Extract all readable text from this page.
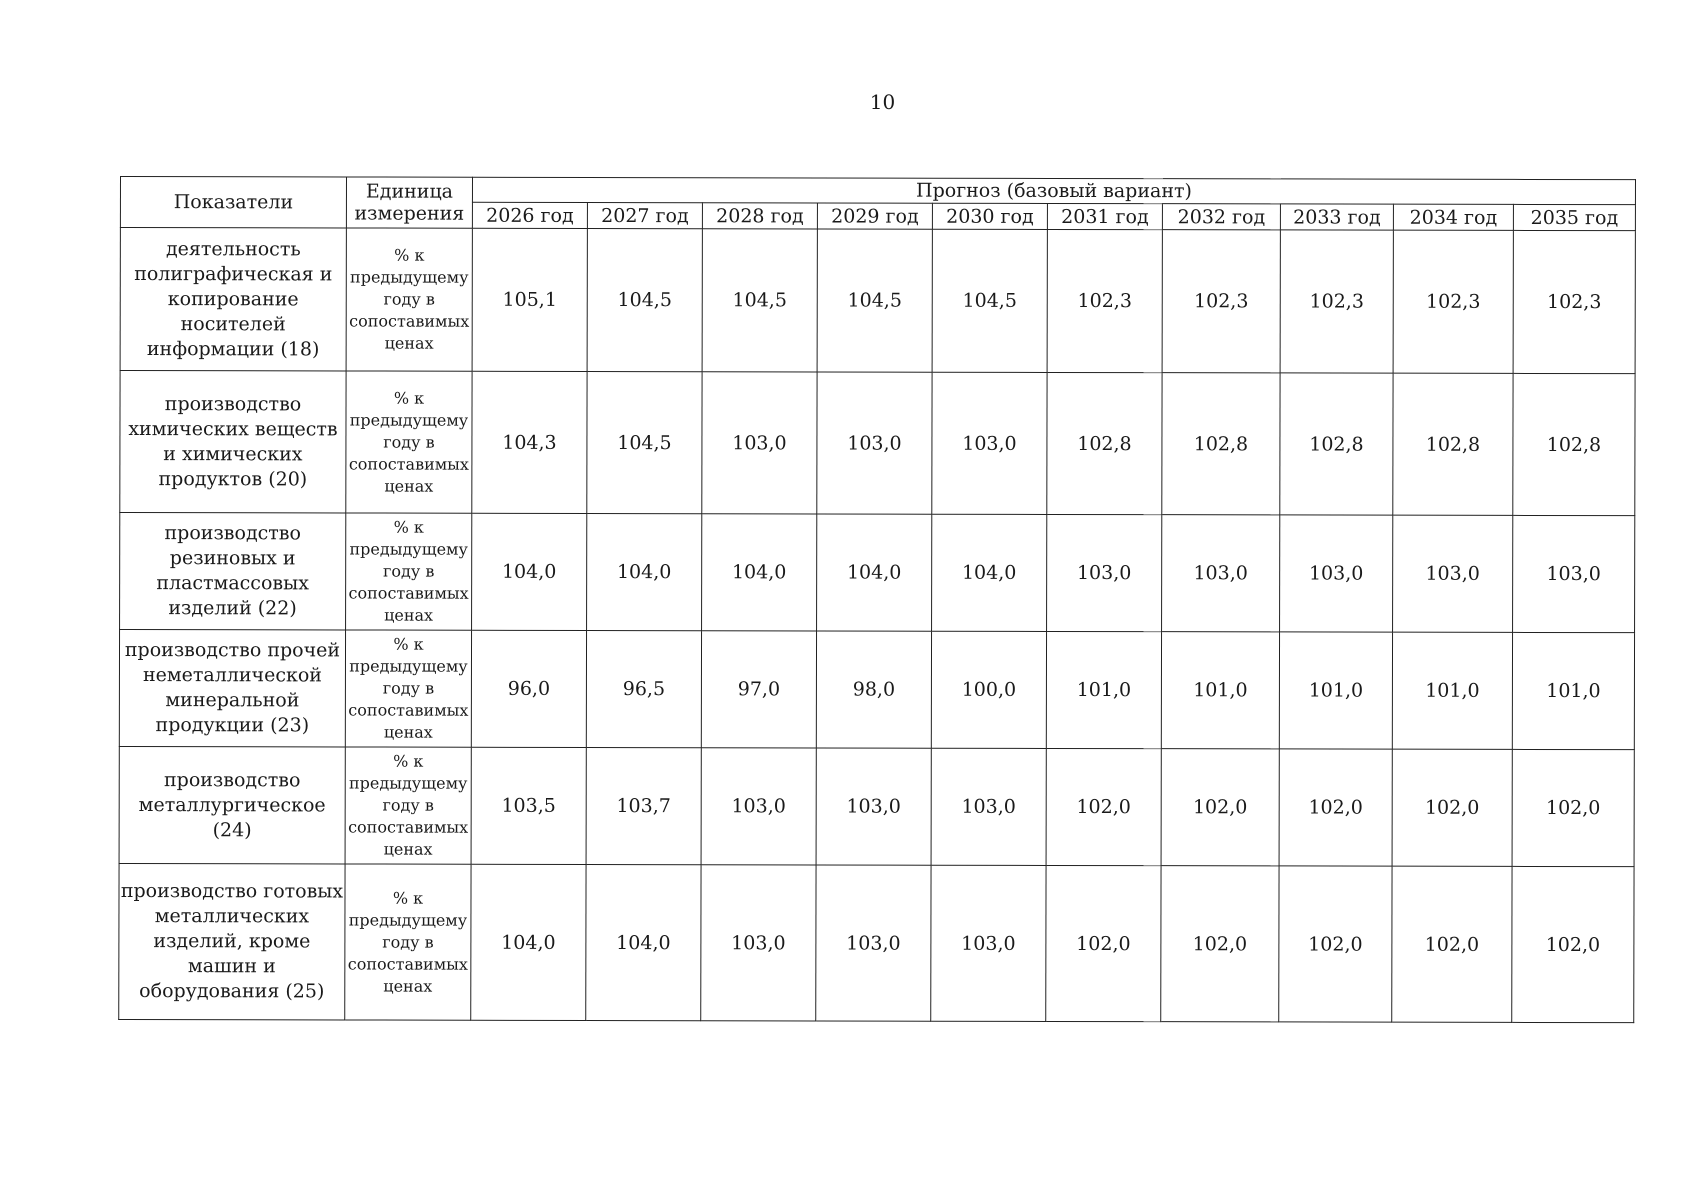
10
Показатели	Единица измерения	Прогноз (базовый вариант)									
		2026 год	2027 год	2028 год	2029 год	2030 год	2031 год	2032 год	2033 год	2034 год	2035 год
деятельность полиграфическая и копирование носителей информации (18)	% к предыдущему году в сопоставимых ценах	105,1	104,5	104,5	104,5	104,5	102,3	102,3	102,3	102,3	102,3
производство химических веществ и химических продуктов (20)	% к предыдущему году в сопоставимых ценах	104,3	104,5	103,0	103,0	103,0	102,8	102,8	102,8	102,8	102,8
производство резиновых и пластмассовых изделий (22)	% к предыдущему году в сопоставимых ценах	104,0	104,0	104,0	104,0	104,0	103,0	103,0	103,0	103,0	103,0
производство прочей неметаллической минеральной продукции (23)	% к предыдущему году в сопоставимых ценах	96,0	96,5	97,0	98,0	100,0	101,0	101,0	101,0	101,0	101,0
производство металлургическое (24)	% к предыдущему году в сопоставимых ценах	103,5	103,7	103,0	103,0	103,0	102,0	102,0	102,0	102,0	102,0
производство готовых металлических изделий, кроме машин и оборудования (25)	% к предыдущему году в сопоставимых ценах	104,0	104,0	103,0	103,0	103,0	102,0	102,0	102,0	102,0	102,0
